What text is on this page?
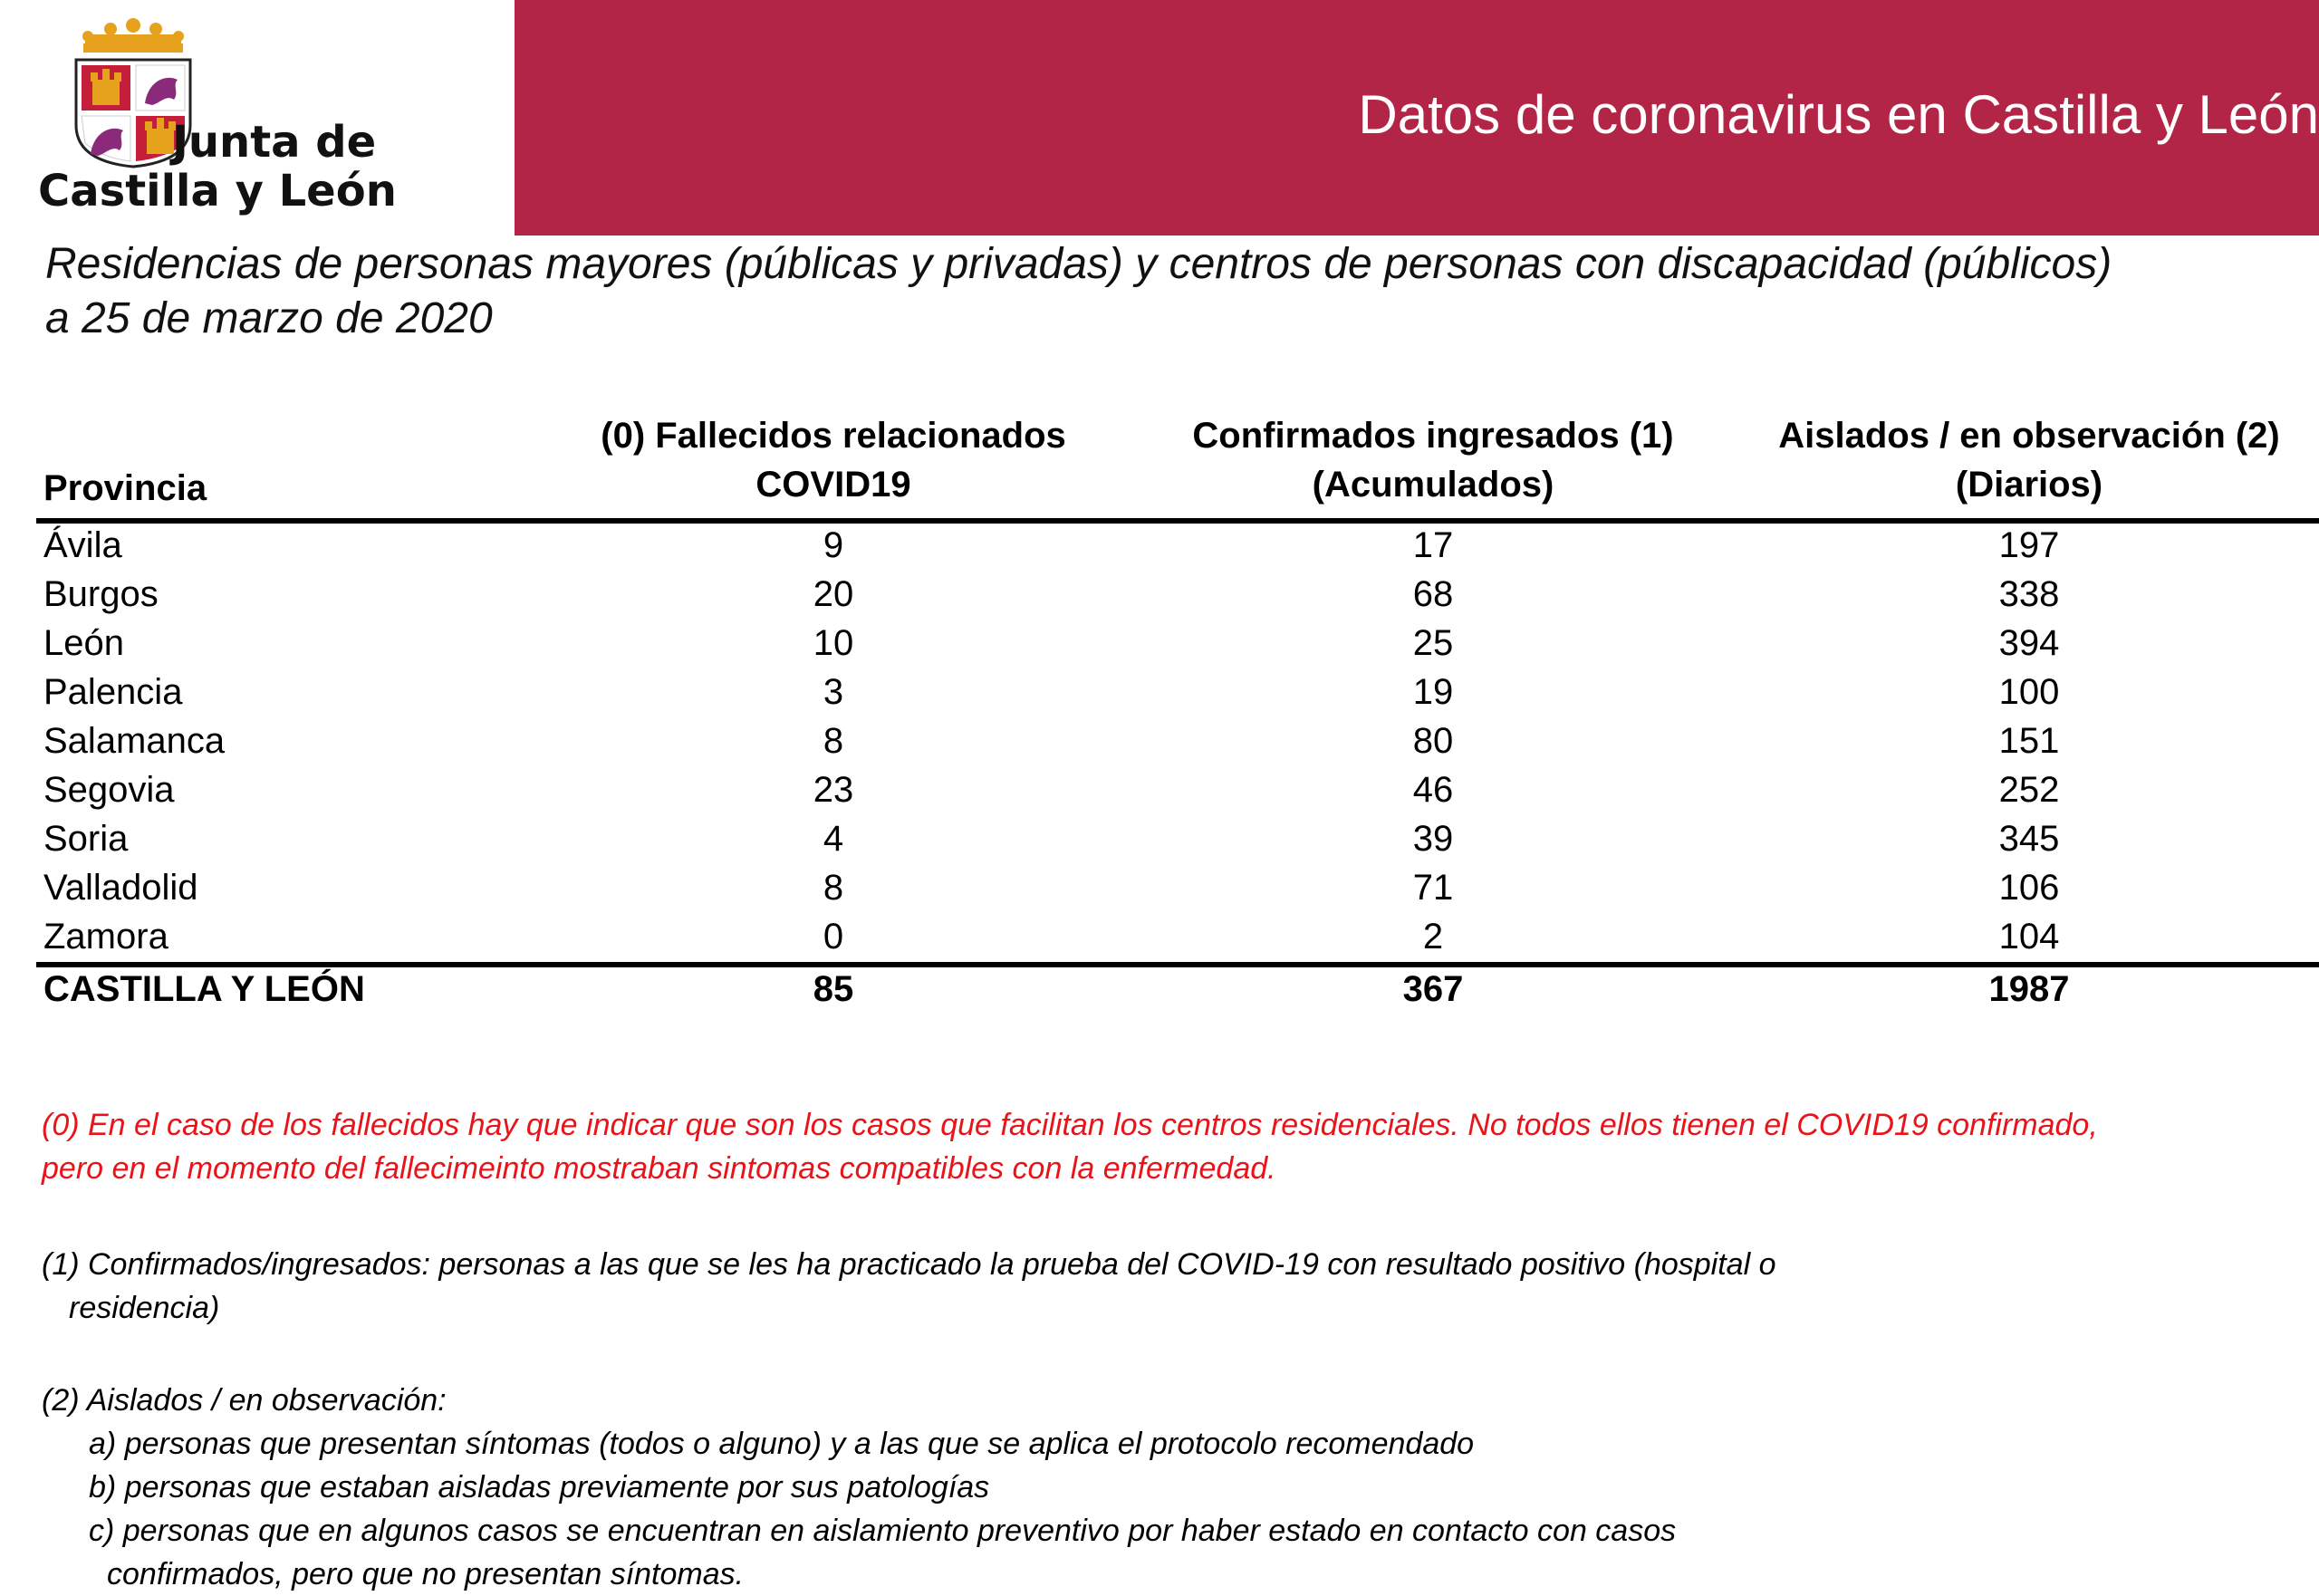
Junta de
Castilla y León
Datos de coronavirus en Castilla y León
Residencias de personas mayores (públicas y privadas) y centros de personas con discapacidad (públicos)
a 25 de marzo de 2020
Provincia
(0) Fallecidos relacionados
COVID19
Confirmados ingresados (1)
(Acumulados)
Aislados / en observación (2)
(Diarios)
Ávila	9	17	197
Burgos	20	68	338
León	10	25	394
Palencia	3	19	100
Salamanca	8	80	151
Segovia	23	46	252
Soria	4	39	345
Valladolid	8	71	106
Zamora	0	2	104
CASTILLA Y LEÓN	85	367	1987
(0) En el caso de los fallecidos hay que indicar que son los casos que facilitan los centros residenciales. No todos ellos tienen el COVID19 confirmado,
pero en el momento del fallecimeinto mostraban sintomas compatibles con la enfermedad.
(1) Confirmados/ingresados: personas a las que se les ha practicado la prueba del COVID-19 con resultado positivo (hospital o
residencia)
(2) Aislados / en observación:
a) personas que presentan síntomas (todos o alguno) y a las que se aplica el protocolo recomendado
b) personas que estaban aisladas previamente por sus patologías
c) personas que en algunos casos se encuentran en aislamiento preventivo por haber estado en contacto con casos
confirmados, pero que no presentan síntomas.
